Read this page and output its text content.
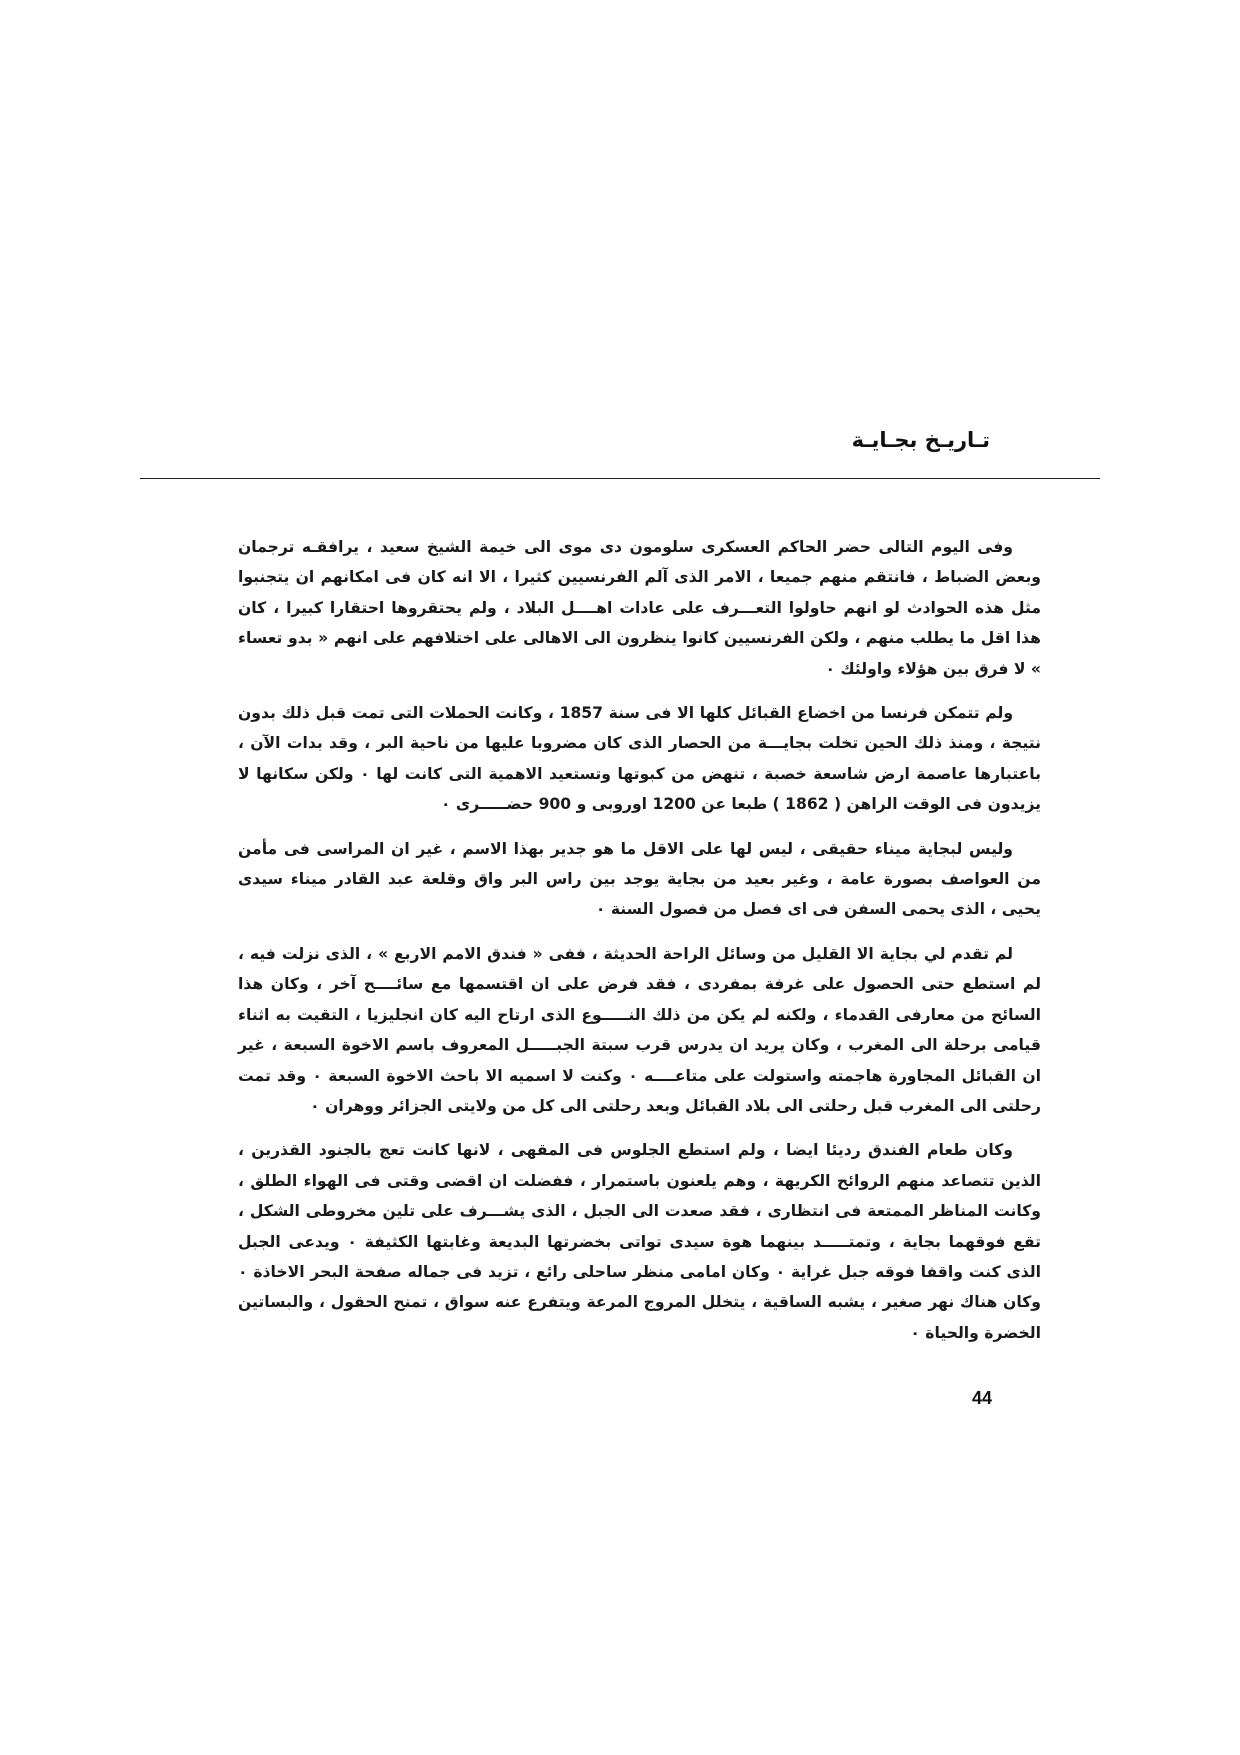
تـاريـخ بجـايـة

وفى اليوم التالى حضر الحاكم العسكرى سلومون دى موى الى خيمة الشيخ سعيد ، يرافقـه ترجمان وبعض الضباط ، فانتقم منهم جميعا ، الامر الذى آلم الفرنسيين كثيرا ، الا انه كان فى امكانهم ان يتجنبوا مثل هذه الحوادث لو انهم حاولوا التعـــرف على عادات اهــــل البلاد ، ولم يحتقروها احتقارا كبيرا ، كان هذا اقل ما يطلب منهم ، ولكن الفرنسيين كانوا ينظرون الى الاهالى على اختلافهم على انهم « بدو تعساء » لا فرق بين هؤلاء واولئك ٠

ولم تتمكن فرنسا من اخضاع القبائل كلها الا فى سنة 1857 ، وكانت الحملات التى تمت قبل ذلك بدون نتيجة ، ومنذ ذلك الحين تخلت بجايـــة من الحصار الذى كان مضروبا عليها من ناحية البر ، وقد بدات الآن ، باعتبارها عاصمة ارض شاسعة خصبة ، تنهض من كبوتها وتستعيد الاهمية التى كانت لها ٠ ولكن سكانها لا يزيدون فى الوقت الراهن ( 1862 ) طبعا عن 1200 اوروبى و 900 حضـــــرى ٠

وليس لبجاية ميناء حقيقى ، ليس لها على الاقل ما هو جدير بهذا الاسم ، غير ان المراسى فى مأمن من العواصف بصورة عامة ، وغير بعيد من بجاية يوجد بين راس البر واق وقلعة عبد القادر ميناء سيدى يحيى ، الذى يحمى السفن فى اى فصل من فصول السنة ٠

لم تقدم لي بجاية الا القليل من وسائل الراحة الحديثة ، ففى « فندق الامم الاربع » ، الذى نزلت فيه ، لم استطع حتى الحصول على غرفة بمفردى ، فقد فرض على ان اقتسمها مع سائــــح آخر ، وكان هذا السائح من معارفى القدماء ، ولكنه لم يكن من ذلك النـــــوع الذى ارتاح اليه كان انجليزيا ، التقيت به اثناء قيامى برحلة الى المغرب ، وكان يريد ان يدرس قرب سبتة الجبـــــل المعروف باسم الاخوة السبعة ، غير ان القبائل المجاورة هاجمته واستولت على متاعــــه ٠ وكنت لا اسميه الا باحث الاخوة السبعة ٠ وقد تمت رحلتى الى المغرب قبل رحلتى الى بلاد القبائل وبعد رحلتى الى كل من ولايتى الجزائر ووهران ٠

وكان طعام الفندق رديئا ايضا ، ولم استطع الجلوس فى المقهى ، لانها كانت تعج بالجنود القذرين ، الذين تتصاعد منهم الروائح الكريهة ، وهم يلعنون باستمرار ، ففضلت ان اقضى وقتى فى الهواء الطلق ، وكانت المناظر الممتعة فى انتظارى ، فقد صعدت الى الجبل ، الذى يشـــرف على تلين مخروطى الشكل ، تقع فوقهما بجاية ، وتمتـــــد بينهما هوة سيدى تواتى بخضرتها البديعة وغابتها الكثيفة ٠ ويدعى الجبل الذى كنت واقفا فوقه جبل غراية ٠ وكان امامى منظر ساحلى رائع ، تزيد فى جماله صفحة البحر الاخاذة ٠ وكان هناك نهر صغير ، يشبه الساقية ، يتخلل المروج المرعة ويتفرع عنه سواق ، تمنح الحقول ، والبساتين الخضرة والحياة ٠

44
